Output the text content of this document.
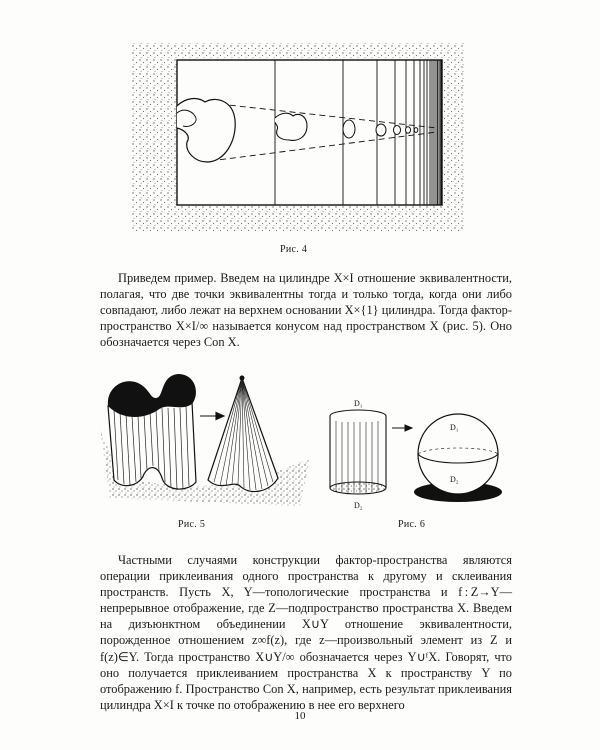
Рис. 4

Приведем пример. Введем на цилиндре X×I отношение эквивалентности, полагая, что две точки эквивалентны тогда и только тогда, когда они либо совпадают, либо лежат на верхнем основании X×{1} цилиндра. Тогда фактор-пространство X×I/∞ называется конусом над пространством X (рис. 5). Оно обозначается через Con X.

Рис. 5
D₁
D₂
D₁
D₂
Рис. 6

Частными случаями конструкции фактор-пространства являются операции приклеивания одного пространства к другому и склеивания пространств. Пусть X, Y—топологические пространства и f : Z→Y—непрерывное отображение, где Z—подпространство пространства X. Введем на дизъюнктном объединении X∪Y отношение эквивалентности, порожденное отношением z∞f(z), где z—произвольный элемент из Z и f(z)∈Y. Тогда пространство X∪Y/∞ обозначается через Y∪ᶠX. Говорят, что оно получается приклеиванием пространства X к пространству Y по отображению f. Пространство Con X, например, есть результат приклеивания цилиндра X×I к точке по отображению в нее его верхнего

10
